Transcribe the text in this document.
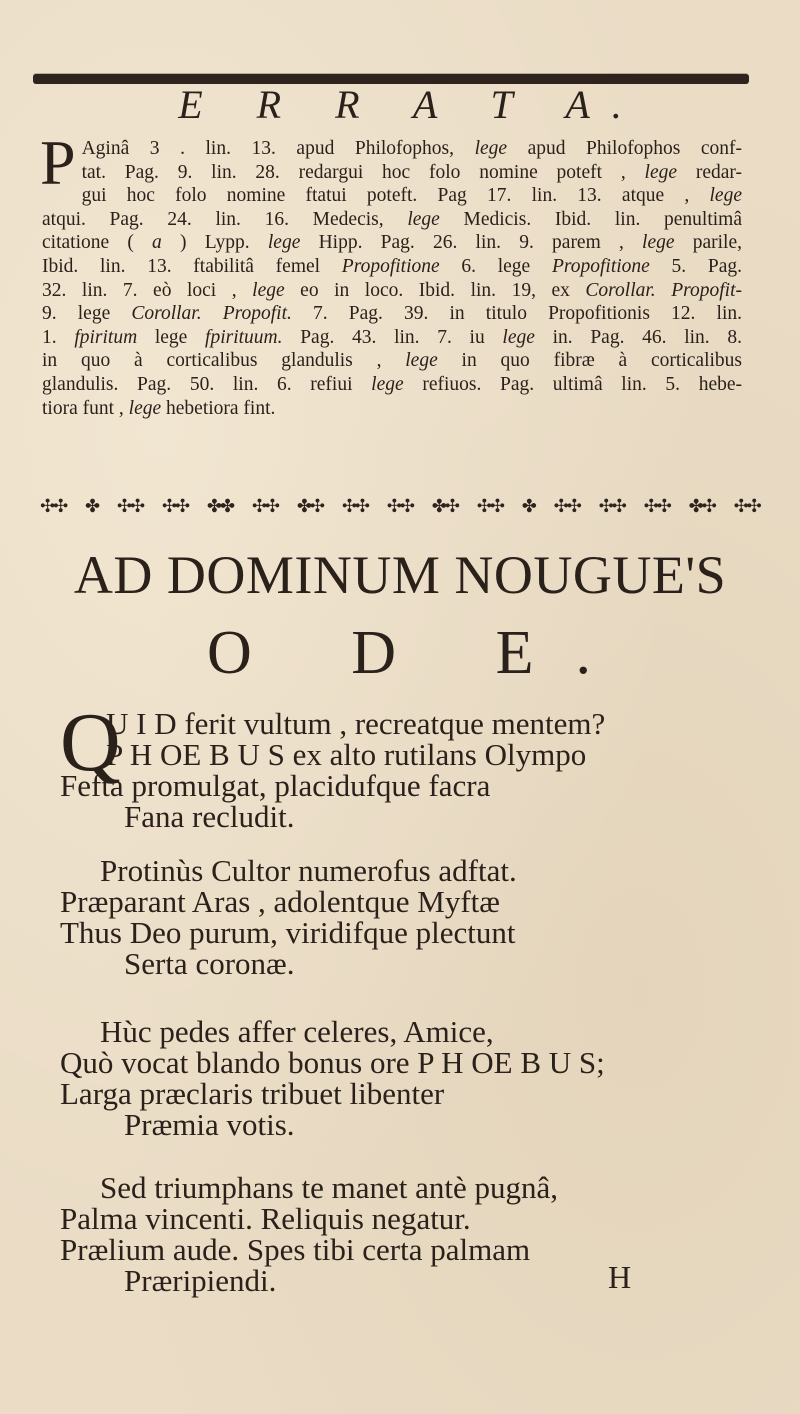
E R R A T A.
P Aginâ 3 . lin. 13. apud Philofophos, lege apud Philofophos conf-
tat. Pag. 9. lin. 28. redargui hoc folo nomine poteft , lege redar-
gui hoc folo nomine ftatui poteft. Pag 17. lin. 13. atque , lege
atqui. Pag. 24. lin. 16. Medecis, lege Medicis. Ibid. lin. penultimâ
citatione ( a ) Lypp. lege Hipp. Pag. 26. lin. 9. parem , lege parile,
Ibid. lin. 13. ftabilitâ femel Propofitione 6. lege Propofitione 5. Pag.
32. lin. 7. eò loci , lege eo in loco. Ibid. lin. 19, ex Corollar. Propofit-
9. lege Corollar. Propofit. 7. Pag. 39. in titulo Propofitionis 12. lin.
1. fpiritum lege fpirituum. Pag. 43. lin. 7. iu lege in. Pag. 46. lin. 8.
in quo à corticalibus glandulis , lege in quo fibræ à corticalibus
glandulis. Pag. 50. lin. 6. refiui lege refiuos. Pag. ultimâ lin. 5. hebe-
tiora funt , lege hebetiora fint.
✣✣ ✤ ✣✣ ✣✣ ✤✤ ✣✣ ✤✣ ✣✣ ✣✣ ✤✣ ✣✣ ✤ ✣✣ ✣✣ ✣✣ ✤✣ ✣✣
AD DOMINUM NOUGUE'S
O D E.
Q
U I D ferit vultum , recreatque mentem?
P H OE B U S ex alto rutilans Olympo
Fefta promulgat, placidufque facra
Fana recludit.
Protinùs Cultor numerofus adftat.
Præparant Aras , adolentque Myftæ
Thus Deo purum, viridifque plectunt
Serta coronæ.
Hùc pedes affer celeres, Amice,
Quò vocat blando bonus ore P H OE B U S;
Larga præclaris tribuet libenter
Præmia votis.
Sed triumphans te manet antè pugnâ,
Palma vincenti. Reliquis negatur.
Prælium aude. Spes tibi certa palmam
Præripiendi.	H
